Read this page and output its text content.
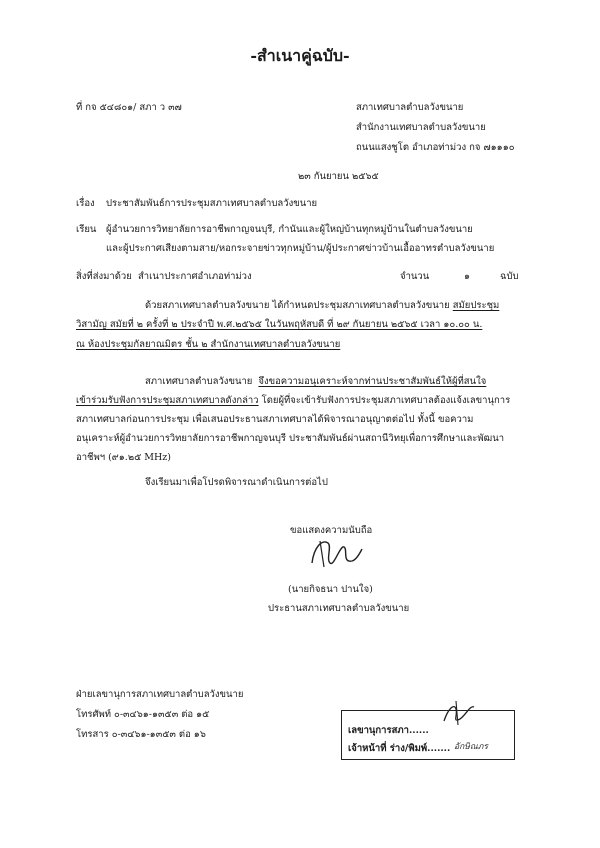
-สำเนาคู่ฉบับ-
ที่ กจ ๕๔๘๐๑/ สภา ว ๓๗	สภาเทศบาลตำบลวังขนาย
สำนักงานเทศบาลตำบลวังขนาย
ถนนแสงชูโต อำเภอท่าม่วง กจ ๗๑๑๑๐
๒๓ กันยายน ๒๕๖๕
เรื่อง ประชาสัมพันธ์การประชุมสภาเทศบาลตำบลวังขนาย
เรียน ผู้อำนวยการวิทยาลัยการอาชีพกาญจนบุรี, กำนันและผู้ใหญ่บ้านทุกหมู่บ้านในตำบลวังขนาย
และผู้ประกาศเสียงตามสาย/หอกระจายข่าวทุกหมู่บ้าน/ผู้ประกาศข่าวบ้านเอื้ออาทรตำบลวังขนาย
สิ่งที่ส่งมาด้วย สำเนาประกาศอำเภอท่าม่วง	จำนวน	๑	ฉบับ
ด้วยสภาเทศบาลตำบลวังขนาย ได้กำหนดประชุมสภาเทศบาลตำบลวังขนาย สมัยประชุม
วิสามัญ สมัยที่ ๒ ครั้งที่ ๒ ประจำปี พ.ศ.๒๕๖๕ ในวันพฤหัสบดี ที่ ๒๙ กันยายน ๒๕๖๕ เวลา ๑๐.๐๐ น.
ณ ห้องประชุมกัลยาณมิตร ชั้น ๒ สำนักงานเทศบาลตำบลวังขนาย
สภาเทศบาลตำบลวังขนาย จึงขอความอนุเคราะห์จากท่านประชาสัมพันธ์ให้ผู้ที่สนใจ
เข้าร่วมรับฟังการประชุมสภาเทศบาลดังกล่าว โดยผู้ที่จะเข้ารับฟังการประชุมสภาเทศบาลต้องแจ้งเลขานุการ
สภาเทศบาลก่อนการประชุม เพื่อเสนอประธานสภาเทศบาลได้พิจารณาอนุญาตต่อไป ทั้งนี้ ขอความ
อนุเคราะห์ผู้อำนวยการวิทยาลัยการอาชีพกาญจนบุรี ประชาสัมพันธ์ผ่านสถานีวิทยุเพื่อการศึกษาและพัฒนา
อาชีพฯ (๙๑.๒๕ MHz)
จึงเรียนมาเพื่อโปรดพิจารณาดำเนินการต่อไป
ขอแสดงความนับถือ
(นายกิจธนา ปานใจ)
ประธานสภาเทศบาลตำบลวังขนาย
ฝ่ายเลขานุการสภาเทศบาลตำบลวังขนาย
โทรศัพท์ ๐-๓๔๖๑-๑๓๕๓ ต่อ ๑๕
โทรสาร ๐-๓๔๖๑-๑๓๕๓ ต่อ ๑๖	เลขานุการสภา......
เจ้าหน้าที่ ร่าง/พิมพ์....... อักษิณภร
